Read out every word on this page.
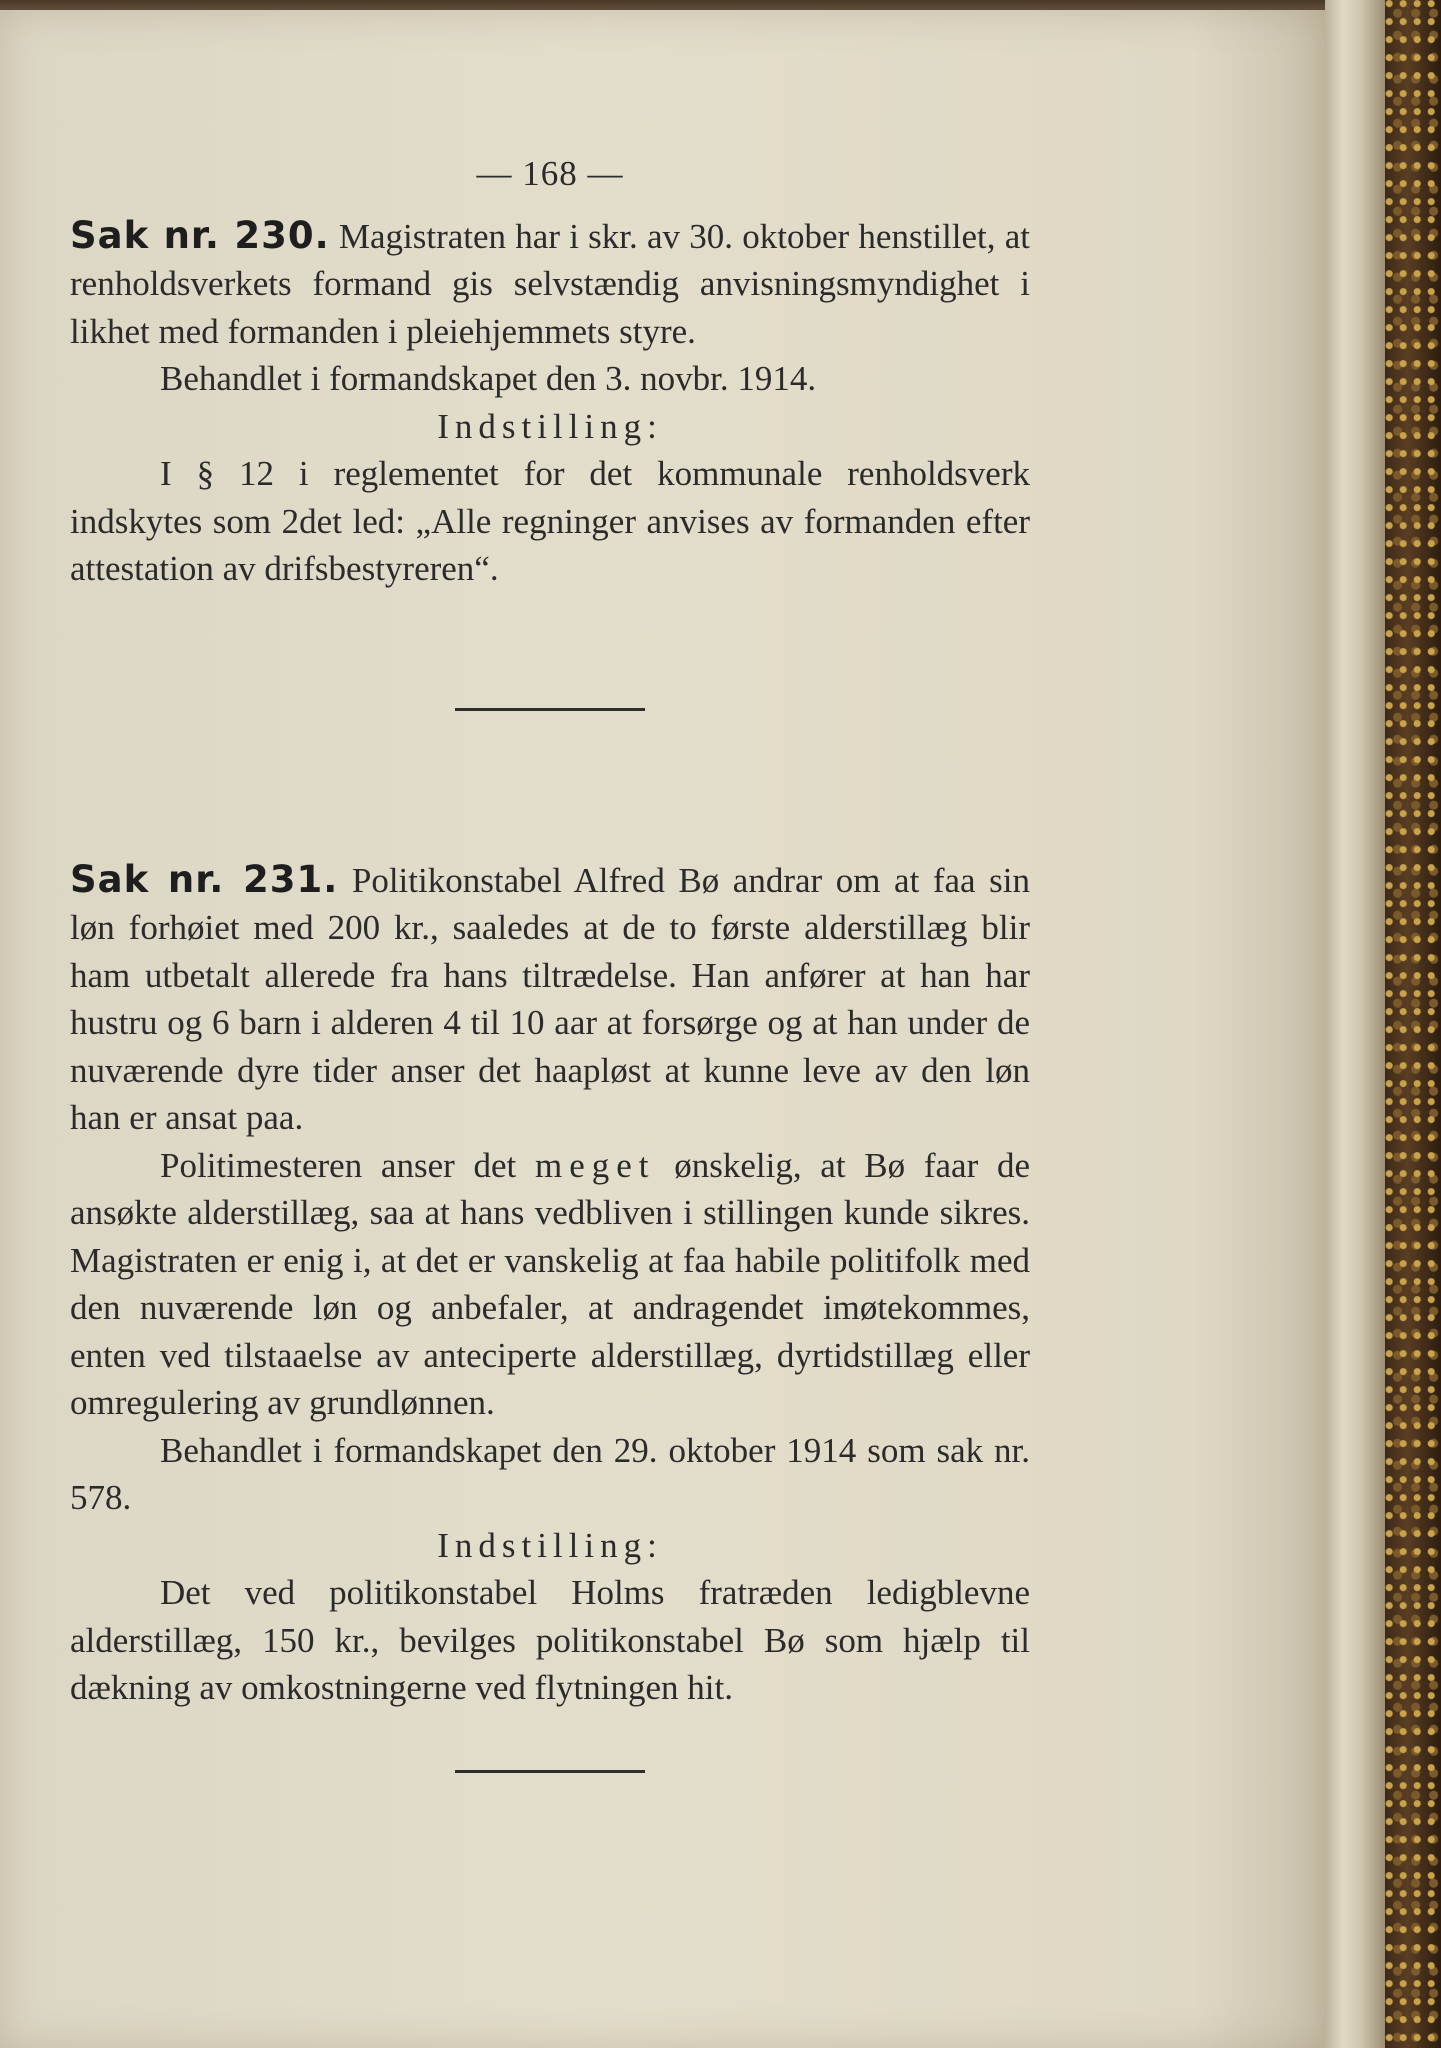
— 168 —

Sak nr. 230. Magistraten har i skr. av 30. oktober henstillet, at renholdsverkets formand gis selvstændig anvisningsmyndighet i likhet med formanden i pleiehjemmets styre.

Behandlet i formandskapet den 3. novbr. 1914.

Indstilling:

I § 12 i reglementet for det kommunale renholdsverk indskytes som 2det led: „Alle regninger anvises av formanden efter attestation av drifsbestyreren“.

Sak nr. 231. Politikonstabel Alfred Bø andrar om at faa sin løn forhøiet med 200 kr., saaledes at de to første alderstillæg blir ham utbetalt allerede fra hans tiltrædelse. Han anfører at han har hustru og 6 barn i alderen 4 til 10 aar at forsørge og at han under de nuværende dyre tider anser det haapløst at kunne leve av den løn han er ansat paa.

Politimesteren anser det meget ønskelig, at Bø faar de ansøkte alderstillæg, saa at hans vedbliven i stillingen kunde sikres. Magistraten er enig i, at det er vanskelig at faa habile politifolk med den nuværende løn og anbefaler, at andragendet imøtekommes, enten ved tilstaaelse av anteciperte alderstillæg, dyrtidstillæg eller omregulering av grundlønnen.

Behandlet i formandskapet den 29. oktober 1914 som sak nr. 578.

Indstilling:

Det ved politikonstabel Holms fratræden ledigblevne alderstillæg, 150 kr., bevilges politikonstabel Bø som hjælp til dækning av omkostningerne ved flytningen hit.
